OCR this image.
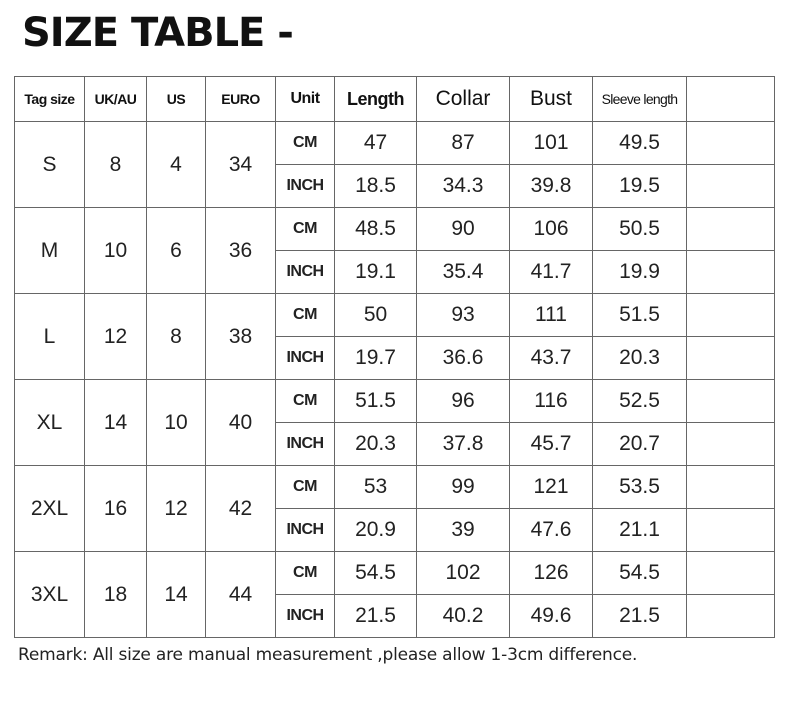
SIZE TABLE -
Tag size	UK/AU	US	EURO	Unit	Length	Collar	Bust	Sleeve length	
S	8	4	34	CM	47	87	101	49.5	
				INCH	18.5	34.3	39.8	19.5	
M	10	6	36	CM	48.5	90	106	50.5	
				INCH	19.1	35.4	41.7	19.9	
L	12	8	38	CM	50	93	111	51.5	
				INCH	19.7	36.6	43.7	20.3	
XL	14	10	40	CM	51.5	96	116	52.5	
				INCH	20.3	37.8	45.7	20.7	
2XL	16	12	42	CM	53	99	121	53.5	
				INCH	20.9	39	47.6	21.1	
3XL	18	14	44	CM	54.5	102	126	54.5	
				INCH	21.5	40.2	49.6	21.5	
Remark: All size are manual measurement ,please allow 1-3cm difference.
